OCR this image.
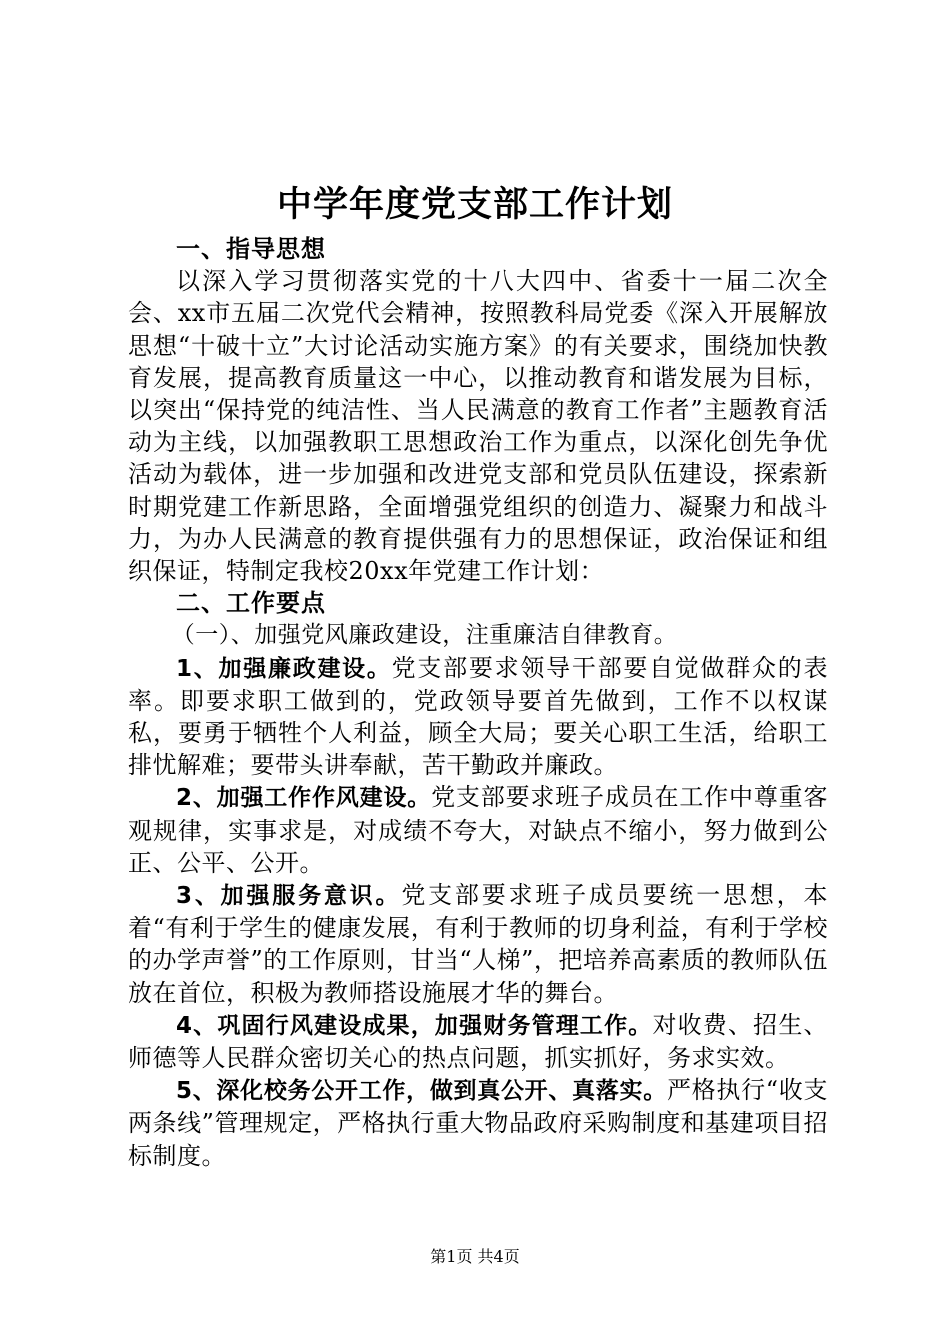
中学年度党支部工作计划

一、指导思想

以深入学习贯彻落实党的十八大四中、省委十一届二次全会、xx市五届二次党代会精神，按照教科局党委《深入开展解放思想“十破十立”大讨论活动实施方案》的有关要求，围绕加快教育发展，提高教育质量这一中心，以推动教育和谐发展为目标，以突出“保持党的纯洁性、当人民满意的教育工作者”主题教育活动为主线，以加强教职工思想政治工作为重点，以深化创先争优活动为载体，进一步加强和改进党支部和党员队伍建设，探索新时期党建工作新思路，全面增强党组织的创造力、凝聚力和战斗力，为办人民满意的教育提供强有力的思想保证，政治保证和组织保证，特制定我校20xx年党建工作计划：

二、工作要点

（一）、加强党风廉政建设，注重廉洁自律教育。

1、加强廉政建设。党支部要求领导干部要自觉做群众的表率。即要求职工做到的，党政领导要首先做到，工作不以权谋私，要勇于牺牲个人利益，顾全大局；要关心职工生活，给职工排忧解难；要带头讲奉献，苦干勤政并廉政。

2、加强工作作风建设。党支部要求班子成员在工作中尊重客观规律，实事求是，对成绩不夸大，对缺点不缩小，努力做到公正、公平、公开。

3、加强服务意识。党支部要求班子成员要统一思想，本着“有利于学生的健康发展，有利于教师的切身利益，有利于学校的办学声誉”的工作原则，甘当“人梯”，把培养高素质的教师队伍放在首位，积极为教师搭设施展才华的舞台。

4、巩固行风建设成果，加强财务管理工作。对收费、招生、师德等人民群众密切关心的热点问题，抓实抓好，务求实效。

5、深化校务公开工作，做到真公开、真落实。严格执行“收支两条线”管理规定，严格执行重大物品政府采购制度和基建项目招标制度。

第1页 共4页
